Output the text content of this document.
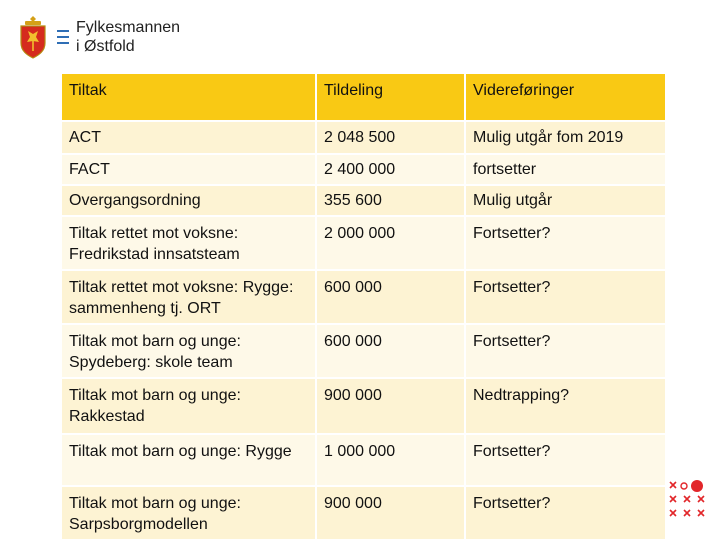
Fylkesmannen
i Østfold
Tiltak	Tildeling	Videreføringer
ACT	2 048 500	Mulig utgår fom 2019
FACT	2 400 000	fortsetter
Overgangsordning	355 600	Mulig utgår
Tiltak rettet mot voksne: Fredrikstad innsatsteam	2 000 000	Fortsetter?
Tiltak rettet mot voksne: Rygge: sammenheng tj. ORT	600 000	Fortsetter?
Tiltak mot barn og unge: Spydeberg: skole team	600 000	Fortsetter?
Tiltak mot barn og unge: Rakkestad	900 000	Nedtrapping?
Tiltak mot barn og unge: Rygge	1 000 000	Fortsetter?
Tiltak mot barn og unge: Sarpsborgmodellen	900 000	Fortsetter?
